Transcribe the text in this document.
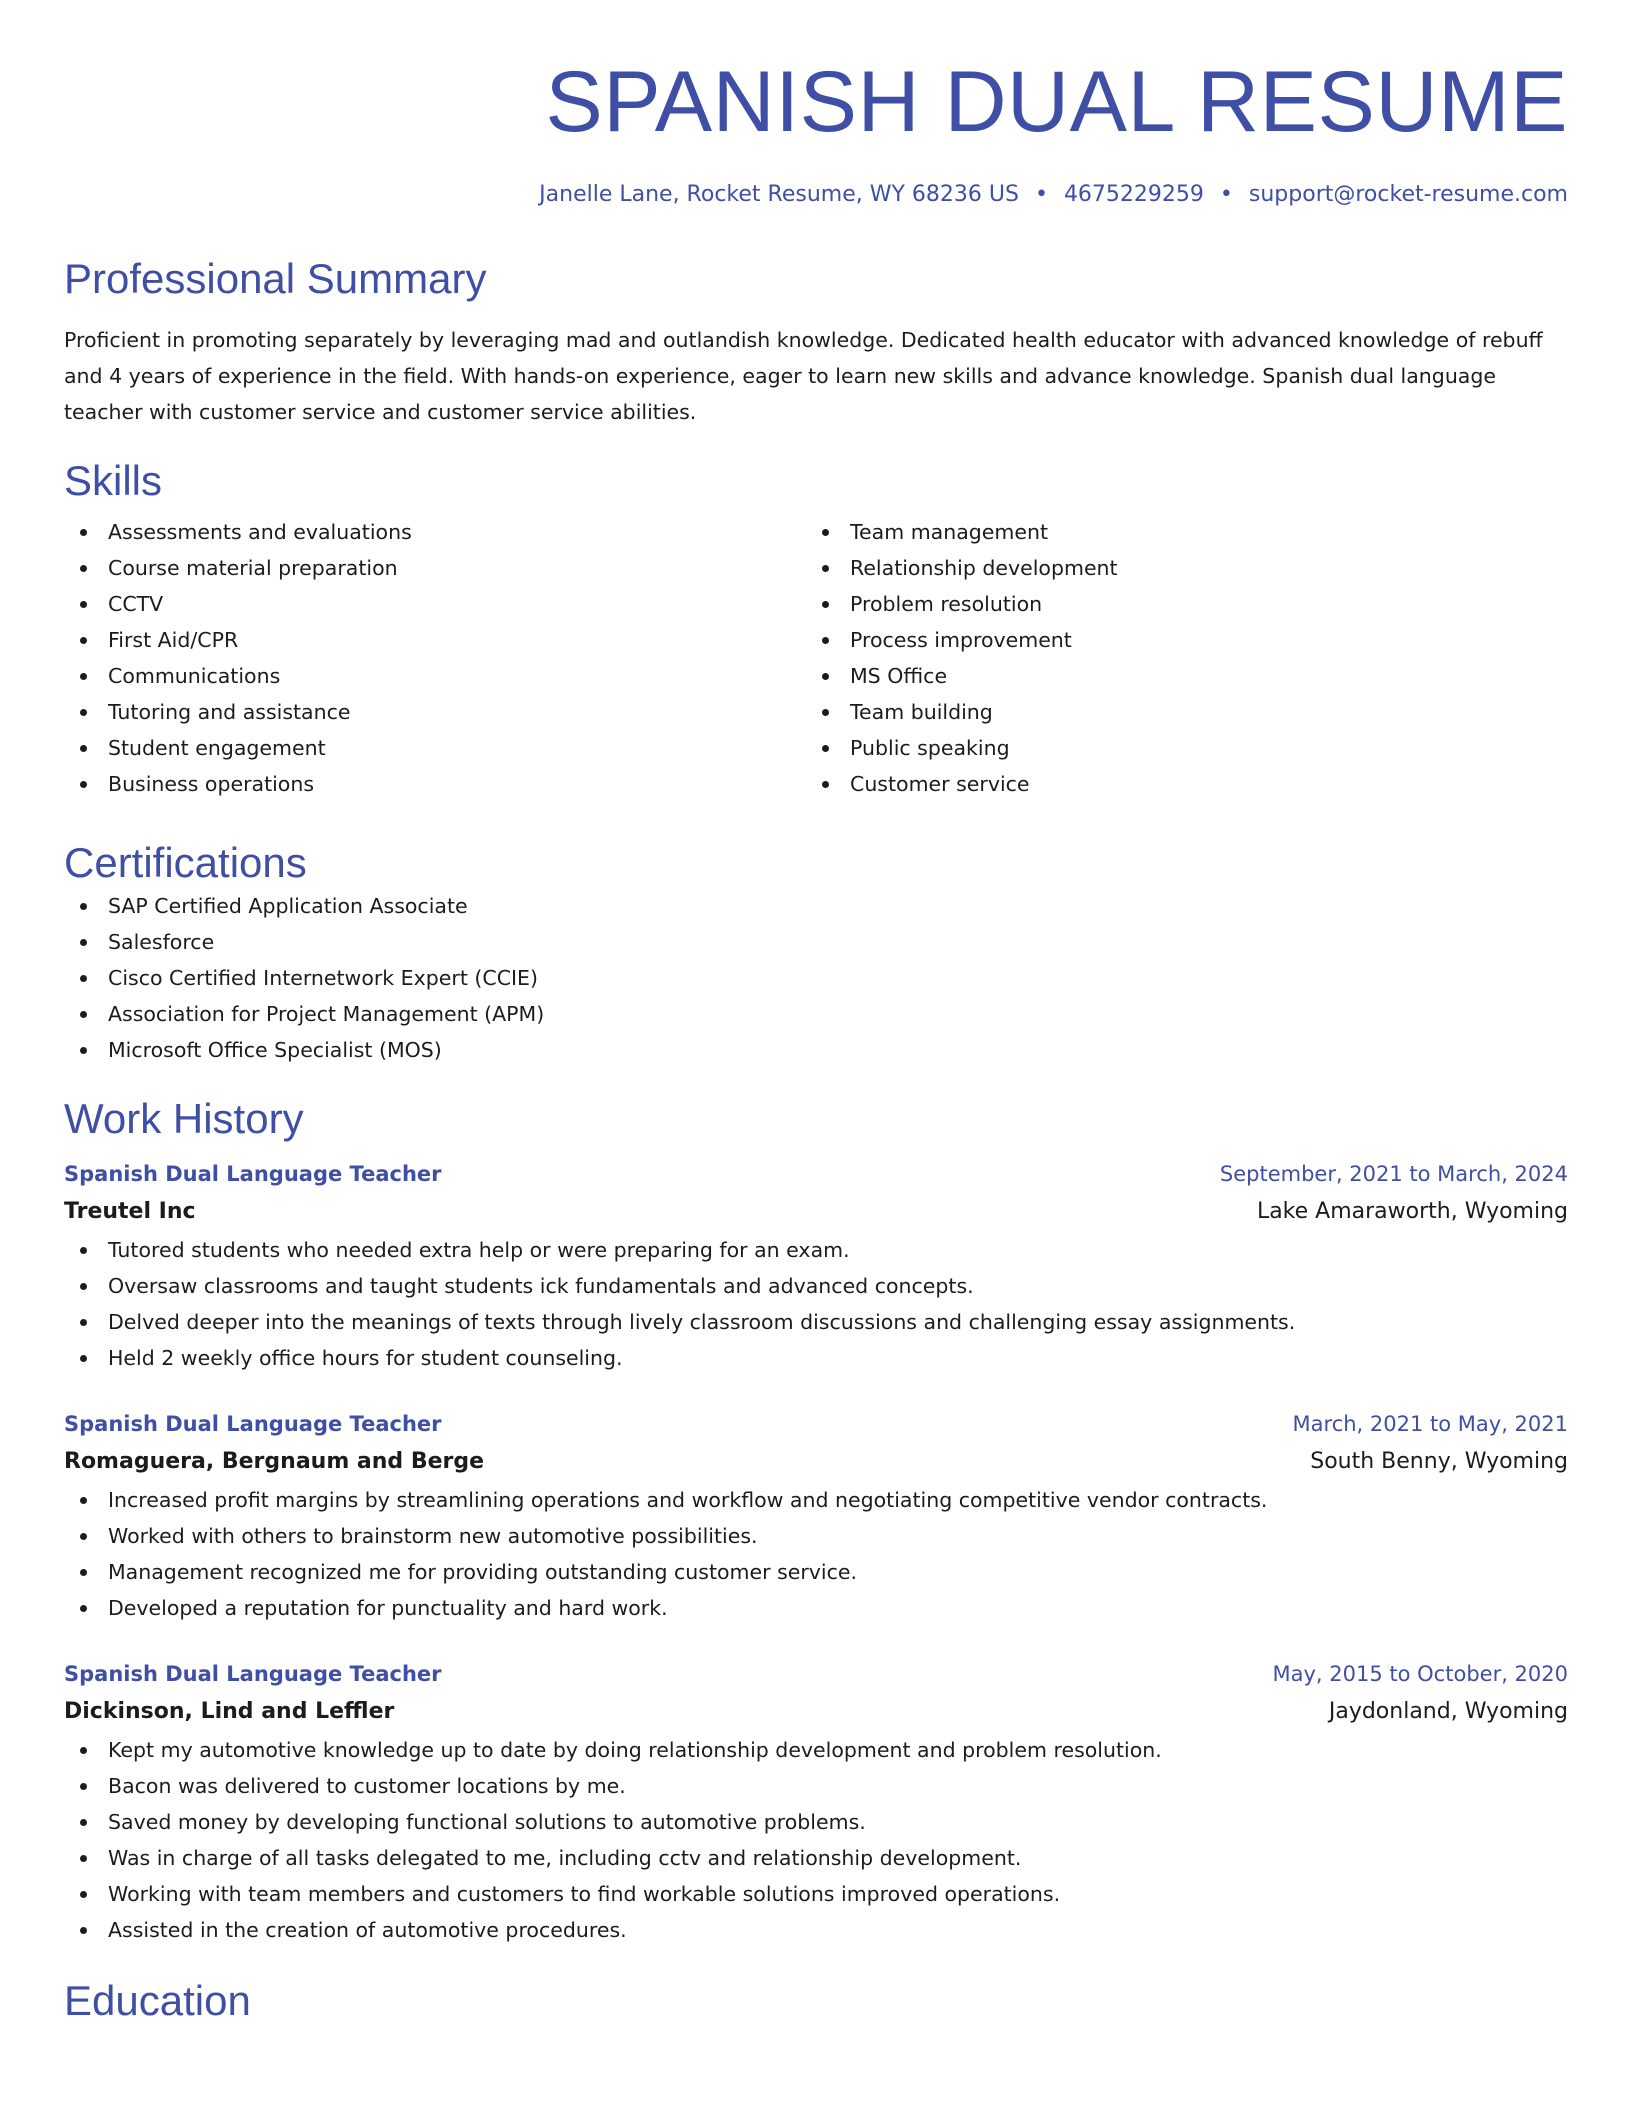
SPANISH DUAL RESUME
Janelle Lane, Rocket Resume, WY 68236 US • 4675229259 • support@rocket-resume.com
Professional Summary

Proficient in promoting separately by leveraging mad and outlandish knowledge. Dedicated health educator with advanced knowledge of rebuff and 4 years of experience in the field. With hands-on experience, eager to learn new skills and advance knowledge. Spanish dual language teacher with customer service and customer service abilities.

Skills
Assessments and evaluations
Course material preparation
CCTV
First Aid/CPR
Communications
Tutoring and assistance
Student engagement
Business operations
Team management
Relationship development
Problem resolution
Process improvement
MS Office
Team building
Public speaking
Customer service
Certifications
SAP Certified Application Associate
Salesforce
Cisco Certified Internetwork Expert (CCIE)
Association for Project Management (APM)
Microsoft Office Specialist (MOS)
Work History
Spanish Dual Language Teacher	September, 2021 to March, 2024
Treutel Inc	Lake Amaraworth, Wyoming
Tutored students who needed extra help or were preparing for an exam.
Oversaw classrooms and taught students ick fundamentals and advanced concepts.
Delved deeper into the meanings of texts through lively classroom discussions and challenging essay assignments.
Held 2 weekly office hours for student counseling.
Spanish Dual Language Teacher	March, 2021 to May, 2021
Romaguera, Bergnaum and Berge	South Benny, Wyoming
Increased profit margins by streamlining operations and workflow and negotiating competitive vendor contracts.
Worked with others to brainstorm new automotive possibilities.
Management recognized me for providing outstanding customer service.
Developed a reputation for punctuality and hard work.
Spanish Dual Language Teacher	May, 2015 to October, 2020
Dickinson, Lind and Leffler	Jaydonland, Wyoming
Kept my automotive knowledge up to date by doing relationship development and problem resolution.
Bacon was delivered to customer locations by me.
Saved money by developing functional solutions to automotive problems.
Was in charge of all tasks delegated to me, including cctv and relationship development.
Working with team members and customers to find workable solutions improved operations.
Assisted in the creation of automotive procedures.
Education
